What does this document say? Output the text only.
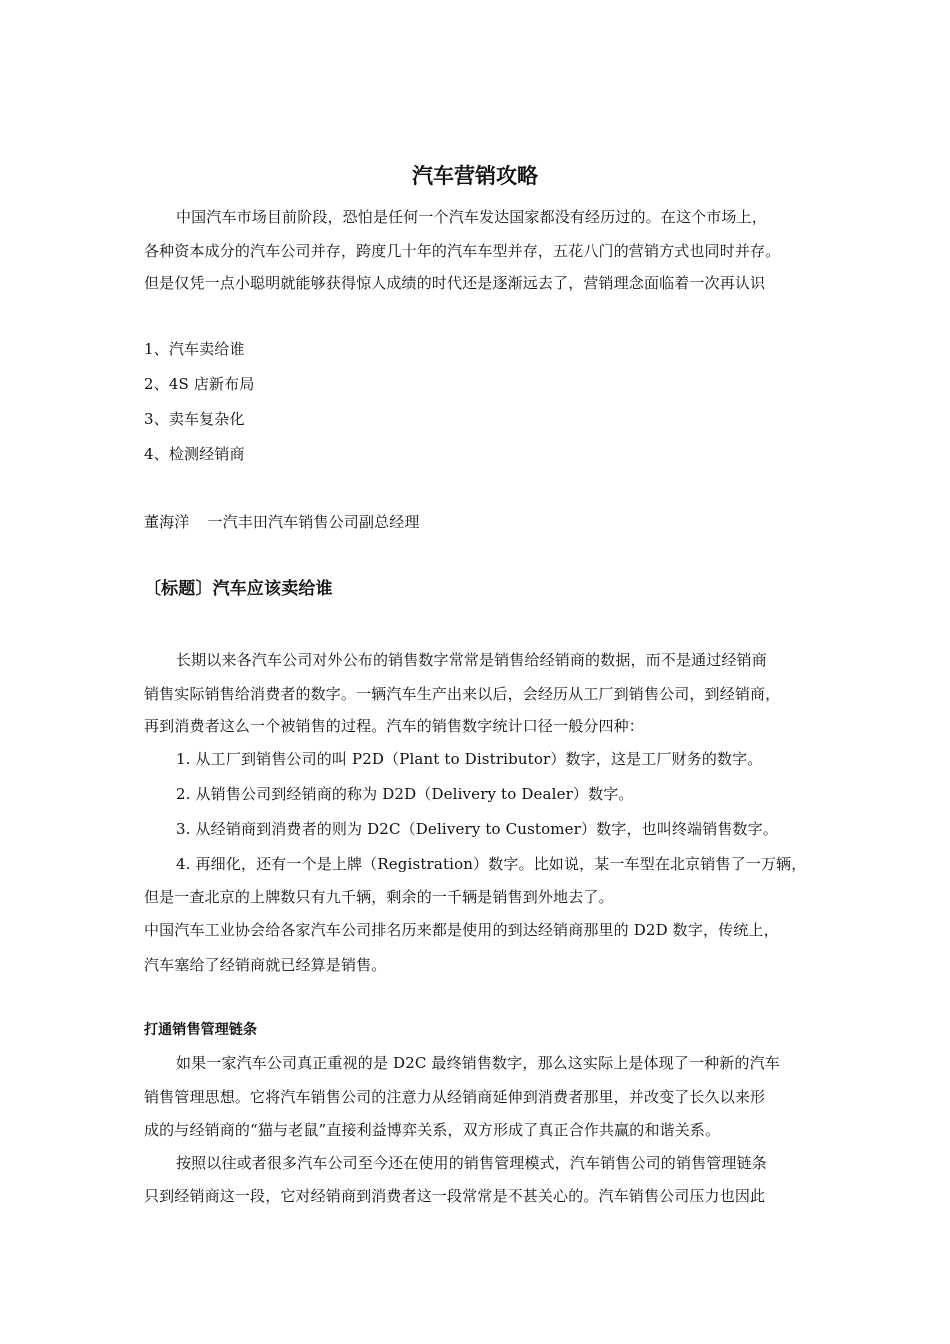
汽车营销攻略
中国汽车市场目前阶段，恐怕是任何一个汽车发达国家都没有经历过的。在这个市场上，
各种资本成分的汽车公司并存，跨度几十年的汽车车型并存，五花八门的营销方式也同时并存。
但是仅凭一点小聪明就能够获得惊人成绩的时代还是逐渐远去了，营销理念面临着一次再认识
1、汽车卖给谁
2、4S 店新布局
3、卖车复杂化
4、检测经销商
董海洋 一汽丰田汽车销售公司副总经理
〔标题〕汽车应该卖给谁
长期以来各汽车公司对外公布的销售数字常常是销售给经销商的数据，而不是通过经销商
销售实际销售给消费者的数字。一辆汽车生产出来以后，会经历从工厂到销售公司，到经销商，
再到消费者这么一个被销售的过程。汽车的销售数字统计口径一般分四种：
1. 从工厂到销售公司的叫 P2D（Plant to Distributor）数字，这是工厂财务的数字。
2. 从销售公司到经销商的称为 D2D（Delivery to Dealer）数字。
3. 从经销商到消费者的则为 D2C（Delivery to Customer）数字，也叫终端销售数字。
4. 再细化，还有一个是上牌（Registration）数字。比如说，某一车型在北京销售了一万辆，
但是一查北京的上牌数只有九千辆，剩余的一千辆是销售到外地去了。
中国汽车工业协会给各家汽车公司排名历来都是使用的到达经销商那里的 D2D 数字，传统上，
汽车塞给了经销商就已经算是销售。
打通销售管理链条
如果一家汽车公司真正重视的是 D2C 最终销售数字，那么这实际上是体现了一种新的汽车
销售管理思想。它将汽车销售公司的注意力从经销商延伸到消费者那里，并改变了长久以来形
成的与经销商的“猫与老鼠”直接利益博弈关系，双方形成了真正合作共赢的和谐关系。
按照以往或者很多汽车公司至今还在使用的销售管理模式，汽车销售公司的销售管理链条
只到经销商这一段，它对经销商到消费者这一段常常是不甚关心的。汽车销售公司压力也因此
